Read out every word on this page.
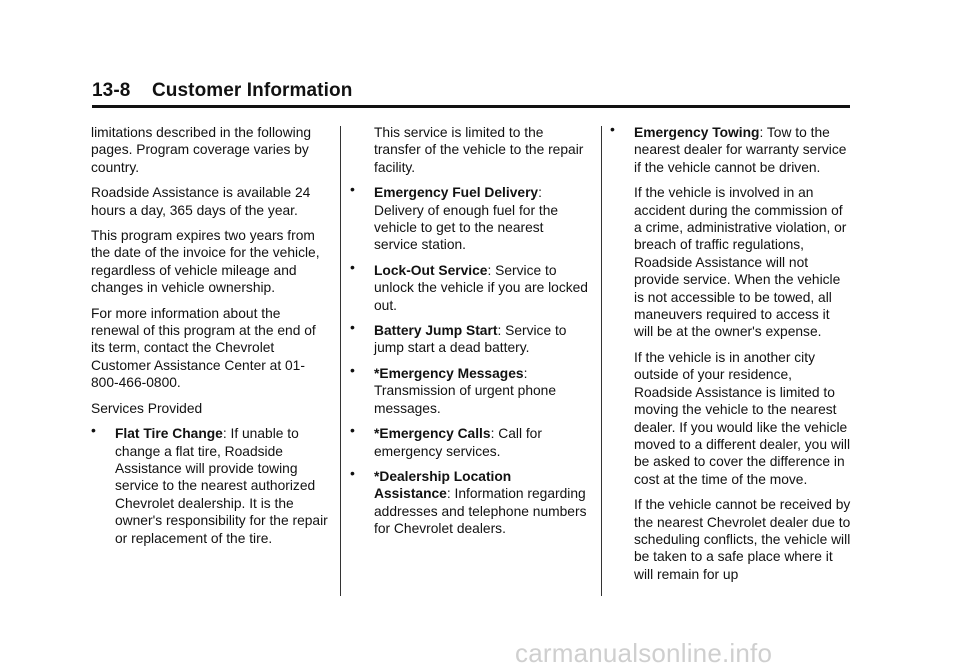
13-8    Customer Information

limitations described in the following pages. Program coverage varies by country.

Roadside Assistance is available 24 hours a day, 365 days of the year.

This program expires two years from the date of the invoice for the vehicle, regardless of vehicle mileage and changes in vehicle ownership.

For more information about the renewal of this program at the end of its term, contact the Chevrolet Customer Assistance Center at 01-800-466-0800.

Services Provided

• Flat Tire Change: If unable to change a flat tire, Roadside Assistance will provide towing service to the nearest authorized Chevrolet dealership. It is the owner's responsibility for the repair or replacement of the tire.

This service is limited to the transfer of the vehicle to the repair facility.

• Emergency Fuel Delivery: Delivery of enough fuel for the vehicle to get to the nearest service station.
• Lock-Out Service: Service to unlock the vehicle if you are locked out.
• Battery Jump Start: Service to jump start a dead battery.
• *Emergency Messages: Transmission of urgent phone messages.
• *Emergency Calls: Call for emergency services.
• *Dealership Location Assistance: Information regarding addresses and telephone numbers for Chevrolet dealers.
• Emergency Towing: Tow to the nearest dealer for warranty service if the vehicle cannot be driven.

If the vehicle is involved in an accident during the commission of a crime, administrative violation, or breach of traffic regulations, Roadside Assistance will not provide service. When the vehicle is not accessible to be towed, all maneuvers required to access it will be at the owner's expense.

If the vehicle is in another city outside of your residence, Roadside Assistance is limited to moving the vehicle to the nearest dealer. If you would like the vehicle moved to a different dealer, you will be asked to cover the difference in cost at the time of the move.

If the vehicle cannot be received by the nearest Chevrolet dealer due to scheduling conflicts, the vehicle will be taken to a safe place where it will remain for up

carmanualsonline.info
